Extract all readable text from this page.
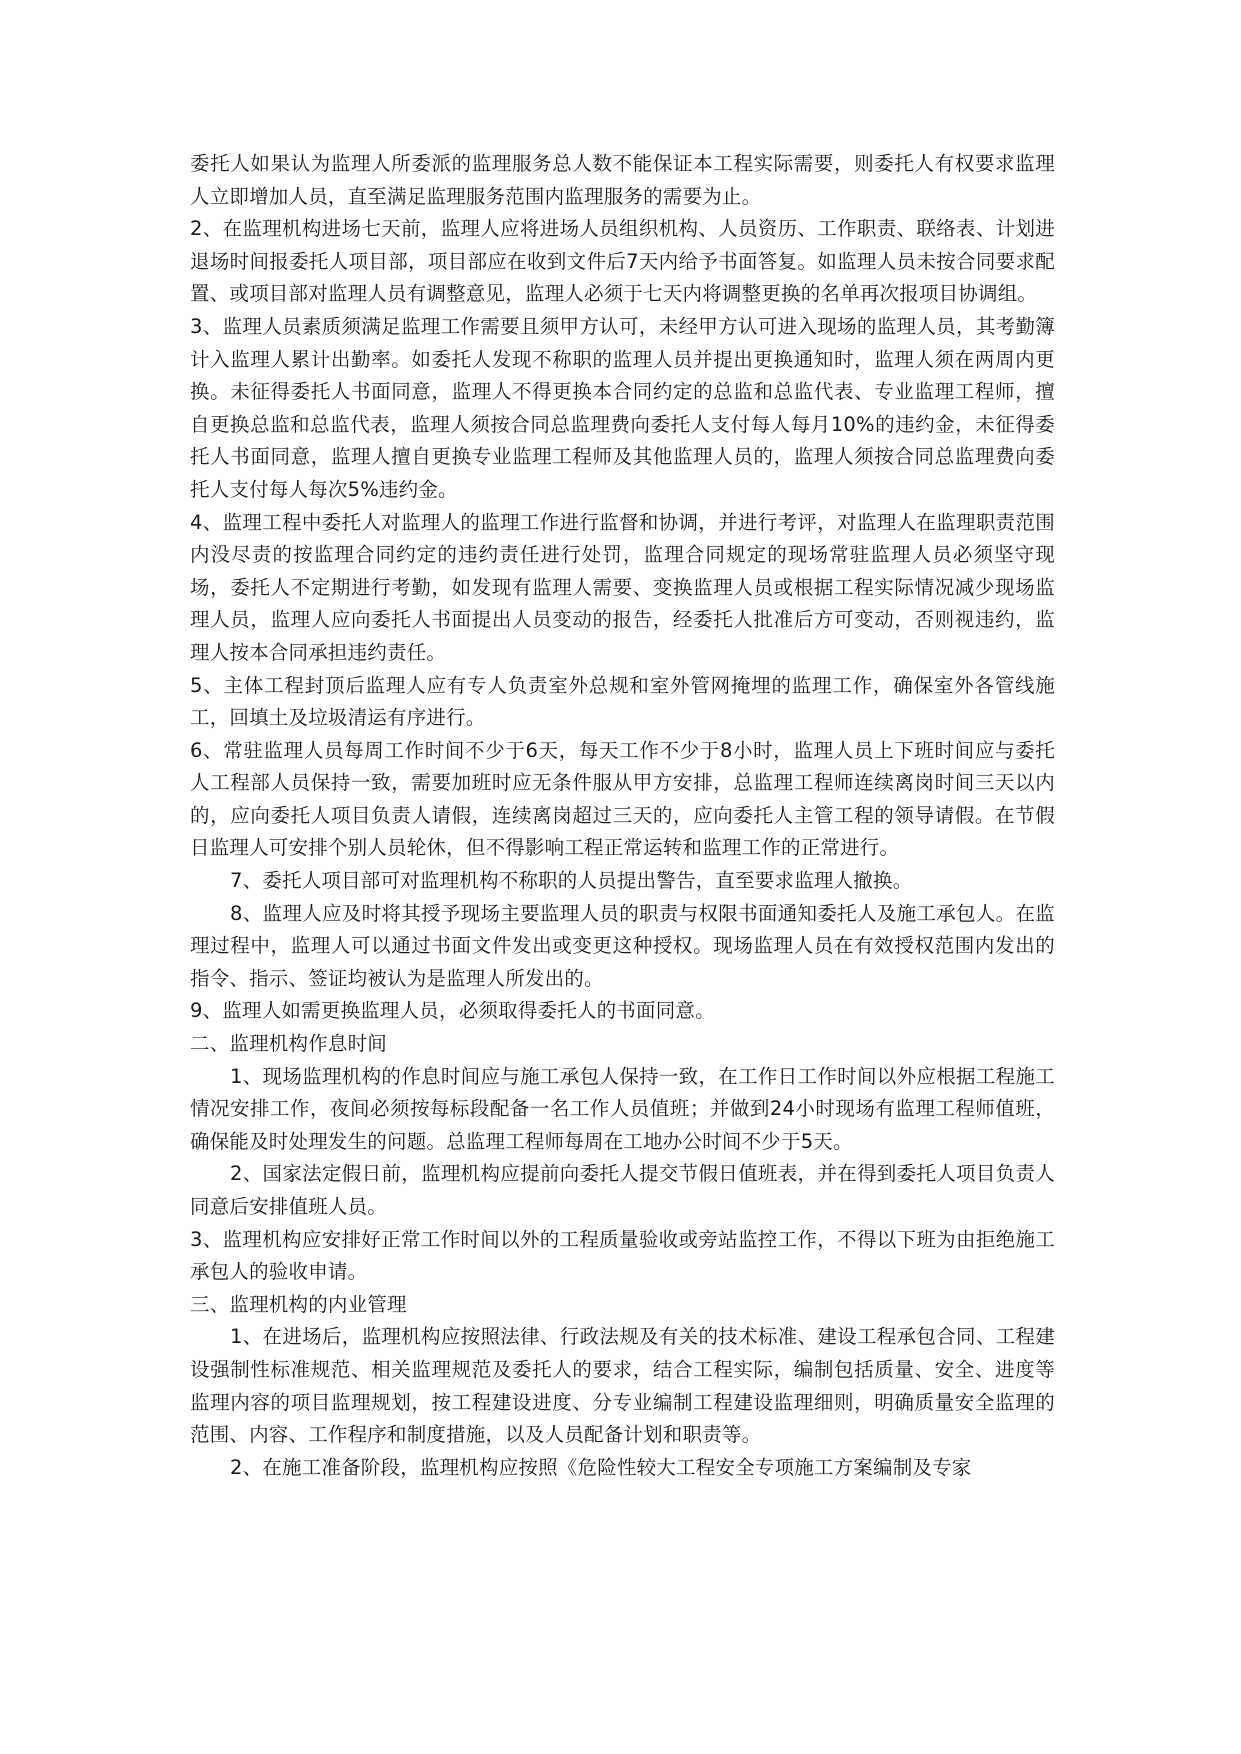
委托人如果认为监理人所委派的监理服务总人数不能保证本工程实际需要，则委托人有权要求监理人立即增加人员，直至满足监理服务范围内监理服务的需要为止。

2、在监理机构进场七天前，监理人应将进场人员组织机构、人员资历、工作职责、联络表、计划进退场时间报委托人项目部，项目部应在收到文件后7天内给予书面答复。如监理人员未按合同要求配置、或项目部对监理人员有调整意见，监理人必须于七天内将调整更换的名单再次报项目协调组。

3、监理人员素质须满足监理工作需要且须甲方认可，未经甲方认可进入现场的监理人员，其考勤簿计入监理人累计出勤率。如委托人发现不称职的监理人员并提出更换通知时，监理人须在两周内更换。未征得委托人书面同意，监理人不得更换本合同约定的总监和总监代表、专业监理工程师，擅自更换总监和总监代表，监理人须按合同总监理费向委托人支付每人每月10%的违约金，未征得委托人书面同意，监理人擅自更换专业监理工程师及其他监理人员的，监理人须按合同总监理费向委托人支付每人每次5%违约金。

4、监理工程中委托人对监理人的监理工作进行监督和协调，并进行考评，对监理人在监理职责范围内没尽责的按监理合同约定的违约责任进行处罚，监理合同规定的现场常驻监理人员必须坚守现场，委托人不定期进行考勤，如发现有监理人需要、变换监理人员或根据工程实际情况减少现场监理人员，监理人应向委托人书面提出人员变动的报告，经委托人批准后方可变动，否则视违约，监理人按本合同承担违约责任。

5、主体工程封顶后监理人应有专人负责室外总规和室外管网掩埋的监理工作，确保室外各管线施工，回填土及垃圾清运有序进行。

6、常驻监理人员每周工作时间不少于6天，每天工作不少于8小时，监理人员上下班时间应与委托人工程部人员保持一致，需要加班时应无条件服从甲方安排，总监理工程师连续离岗时间三天以内的，应向委托人项目负责人请假，连续离岗超过三天的，应向委托人主管工程的领导请假。在节假日监理人可安排个别人员轮休，但不得影响工程正常运转和监理工作的正常进行。

7、委托人项目部可对监理机构不称职的人员提出警告，直至要求监理人撤换。

8、监理人应及时将其授予现场主要监理人员的职责与权限书面通知委托人及施工承包人。在监理过程中，监理人可以通过书面文件发出或变更这种授权。现场监理人员在有效授权范围内发出的指令、指示、签证均被认为是监理人所发出的。

9、监理人如需更换监理人员，必须取得委托人的书面同意。

二、监理机构作息时间

1、现场监理机构的作息时间应与施工承包人保持一致，在工作日工作时间以外应根据工程施工情况安排工作，夜间必须按每标段配备一名工作人员值班；并做到24小时现场有监理工程师值班，确保能及时处理发生的问题。总监理工程师每周在工地办公时间不少于5天。

2、国家法定假日前，监理机构应提前向委托人提交节假日值班表，并在得到委托人项目负责人同意后安排值班人员。

3、监理机构应安排好正常工作时间以外的工程质量验收或旁站监控工作，不得以下班为由拒绝施工承包人的验收申请。

三、监理机构的内业管理

1、在进场后，监理机构应按照法律、行政法规及有关的技术标准、建设工程承包合同、工程建设强制性标准规范、相关监理规范及委托人的要求，结合工程实际，编制包括质量、安全、进度等监理内容的项目监理规划，按工程建设进度、分专业编制工程建设监理细则，明确质量安全监理的范围、内容、工作程序和制度措施，以及人员配备计划和职责等。

2、在施工准备阶段，监理机构应按照《危险性较大工程安全专项施工方案编制及专家
